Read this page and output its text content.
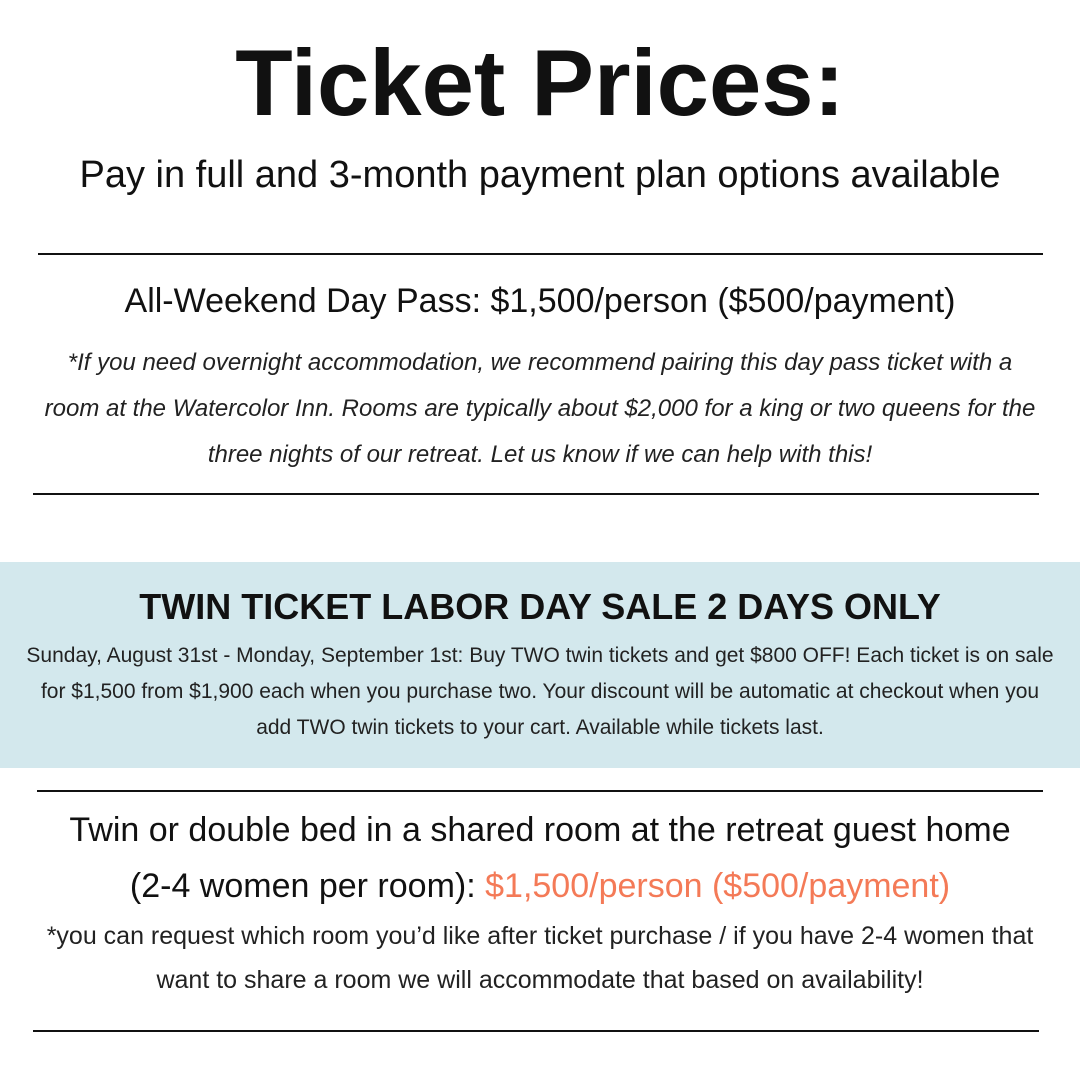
Ticket Prices:
Pay in full and 3-month payment plan options available
All-Weekend Day Pass: $1,500/person ($500/payment)
*If you need overnight accommodation, we recommend pairing this day pass ticket with a room at the Watercolor Inn. Rooms are typically about $2,000 for a king or two queens for the three nights of our retreat. Let us know if we can help with this!
TWIN TICKET LABOR DAY SALE 2 DAYS ONLY
Sunday, August 31st - Monday, September 1st: Buy TWO twin tickets and get $800 OFF! Each ticket is on sale for $1,500 from $1,900 each when you purchase two. Your discount will be automatic at checkout when you add TWO twin tickets to your cart. Available while tickets last.
Twin or double bed in a shared room at the retreat guest home
(2-4 women per room): $1,500/person ($500/payment)
*you can request which room you’d like after ticket purchase / if you have 2-4 women that want to share a room we will accommodate that based on availability!
